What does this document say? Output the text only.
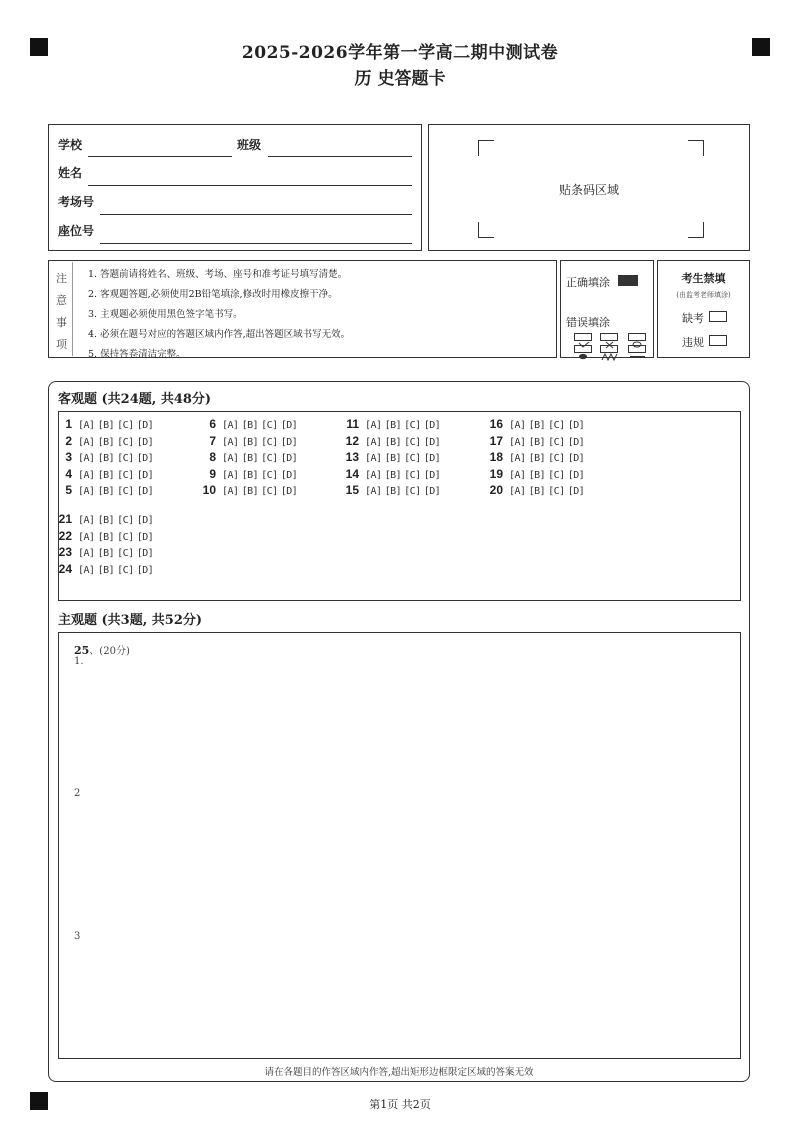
2025-2026学年第一学高二期中测试卷
历 史答题卡
学校	班级
姓名
考场号
座位号
贴条码区域
注
意
事
项
1. 答题前请将姓名、班级、考场、座号和准考证号填写清楚。
2. 客观题答题,必须使用2B铅笔填涂,修改时用橡皮擦干净。
3. 主观题必须使用黑色签字笔书写。
4. 必须在题号对应的答题区域内作答,超出答题区域书写无效。
5. 保持答卷清洁完整。
正确填涂
错误填涂
考生禁填
(由监考老师填涂)
缺考
违规
客观题 (共24题, 共48分)
1 [A] [B] [C] [D]
2 [A] [B] [C] [D]
3 [A] [B] [C] [D]
4 [A] [B] [C] [D]
5 [A] [B] [C] [D]
6 [A] [B] [C] [D]
7 [A] [B] [C] [D]
8 [A] [B] [C] [D]
9 [A] [B] [C] [D]
10 [A] [B] [C] [D]
11 [A] [B] [C] [D]
12 [A] [B] [C] [D]
13 [A] [B] [C] [D]
14 [A] [B] [C] [D]
15 [A] [B] [C] [D]
16 [A] [B] [C] [D]
17 [A] [B] [C] [D]
18 [A] [B] [C] [D]
19 [A] [B] [C] [D]
20 [A] [B] [C] [D]
21 [A] [B] [C] [D]
22 [A] [B] [C] [D]
23 [A] [B] [C] [D]
24 [A] [B] [C] [D]
主观题 (共3题, 共52分)
25、(20分)
1.
2
3
请在各题目的作答区域内作答,超出矩形边框限定区域的答案无效
第1页 共2页
